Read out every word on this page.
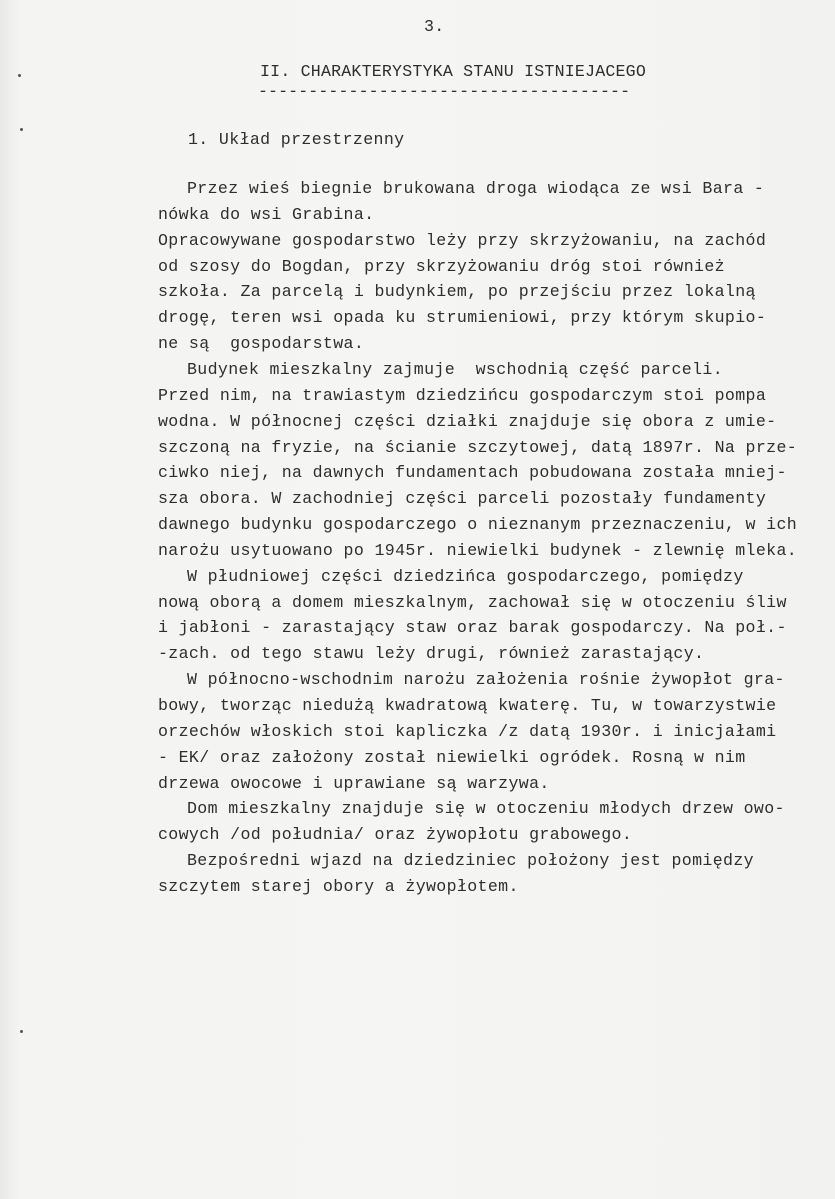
3.
II. CHARAKTERYSTYKA STANU ISTNIEJACEGO
-------------------------------------
1. Układ przestrzenny
Przez wieś biegnie brukowana droga wiodąca ze wsi Bara -
nówka do wsi Grabina.
Opracowywane gospodarstwo leży przy skrzyżowaniu, na zachód
od szosy do Bogdan, przy skrzyżowaniu dróg stoi również
szkoła. Za parcelą i budynkiem, po przejściu przez lokalną
drogę, teren wsi opada ku strumieniowi, przy którym skupio-
ne są  gospodarstwa.
Budynek mieszkalny zajmuje  wschodnią część parceli.
Przed nim, na trawiastym dziedzińcu gospodarczym stoi pompa
wodna. W północnej części działki znajduje się obora z umie-
szczoną na fryzie, na ścianie szczytowej, datą 1897r. Na prze-
ciwko niej, na dawnych fundamentach pobudowana została mniej-
sza obora. W zachodniej części parceli pozostały fundamenty
dawnego budynku gospodarczego o nieznanym przeznaczeniu, w ich
narożu usytuowano po 1945r. niewielki budynek - zlewnię mleka.
W płudniowej części dziedzińca gospodarczego, pomiędzy
nową oborą a domem mieszkalnym, zachował się w otoczeniu śliw
i jabłoni - zarastający staw oraz barak gospodarczy. Na poł.-
-zach. od tego stawu leży drugi, również zarastający.
W północno-wschodnim narożu założenia rośnie żywopłot gra-
bowy, tworząc niedużą kwadratową kwaterę. Tu, w towarzystwie
orzechów włoskich stoi kapliczka /z datą 1930r. i inicjałami
- EK/ oraz założony został niewielki ogródek. Rosną w nim
drzewa owocowe i uprawiane są warzywa.
Dom mieszkalny znajduje się w otoczeniu młodych drzew owo-
cowych /od południa/ oraz żywopłotu grabowego.
Bezpośredni wjazd na dziedziniec położony jest pomiędzy
szczytem starej obory a żywopłotem.
